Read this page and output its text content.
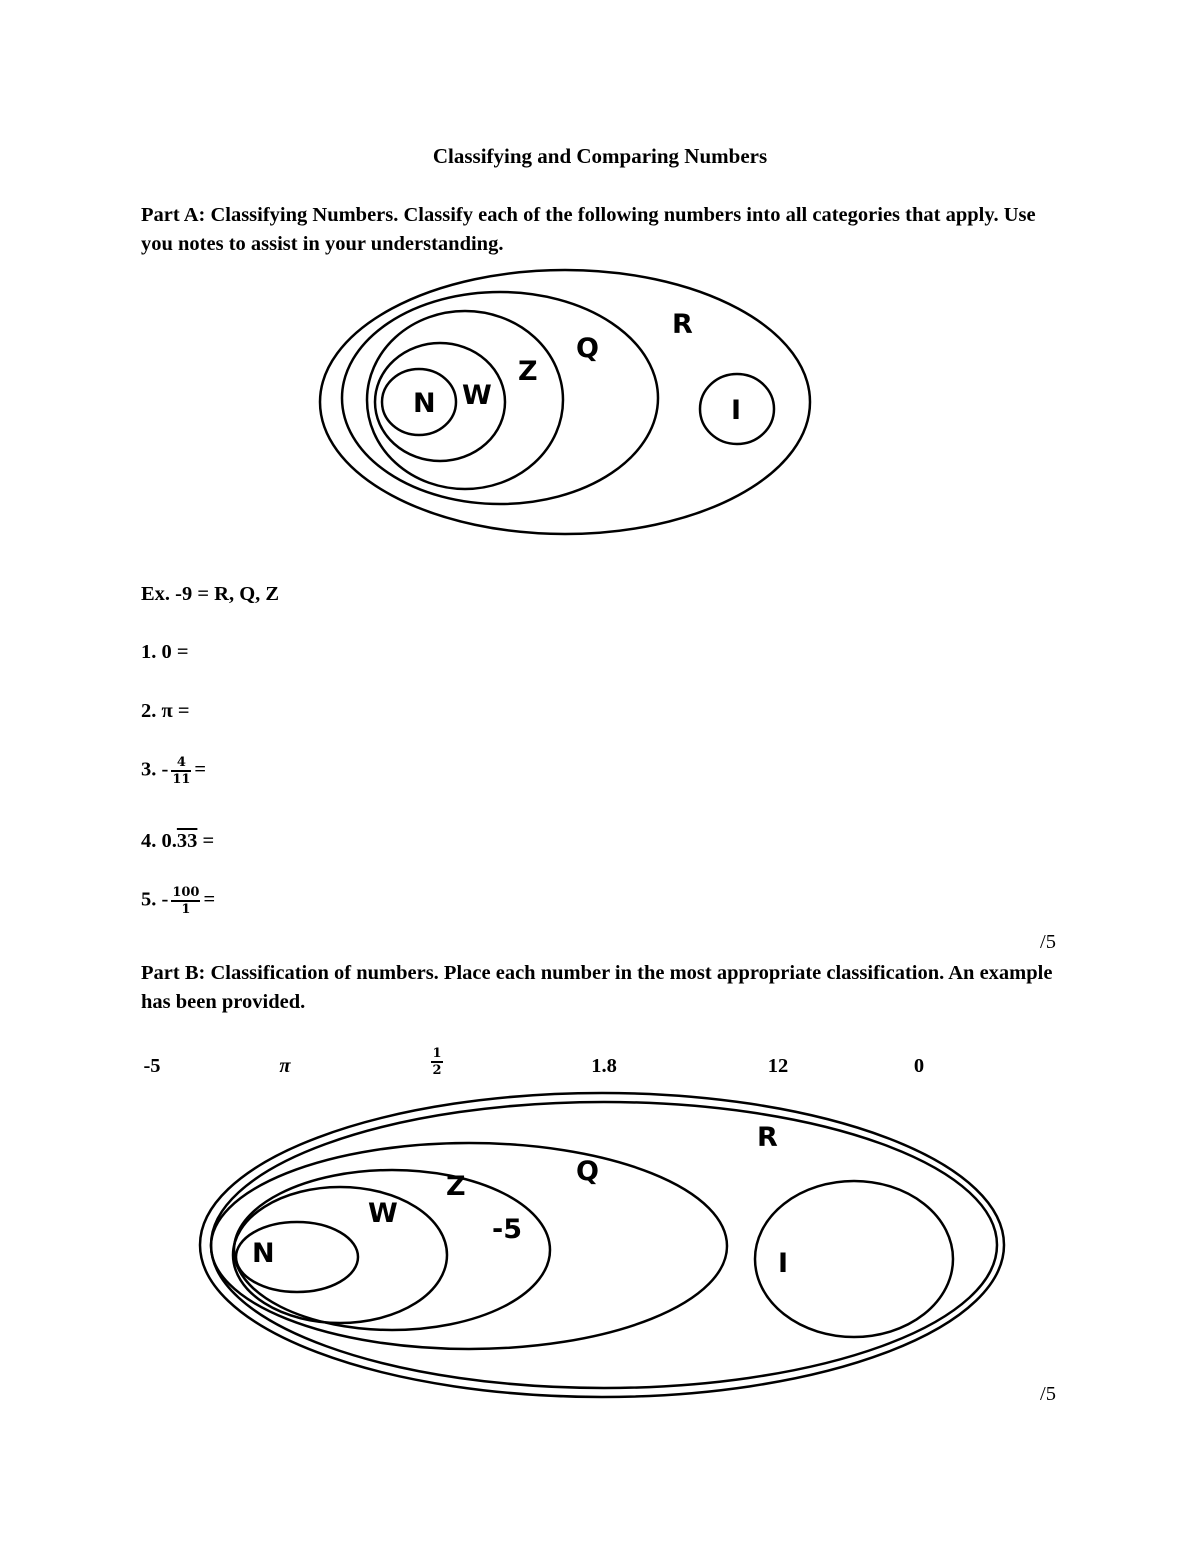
Classifying and Comparing Numbers
Part A: Classifying Numbers. Classify each of the following numbers into all categories that apply. Use you notes to assist in your understanding.
N W
Z
Q
R
I
N
W
Z	Q
R
I
-5
Ex. -9 = R, Q, Z
1. 0 =
2. π =
3. - $\frac{4}{11}$ =
4. 0.33 =
5. - $\frac{100}{1}$ =
/5
Part B: Classification of numbers. Place each number in the most appropriate classification. An example has been provided.
-5	π	$\frac{1}{2}$	1.8	12	0
/5
